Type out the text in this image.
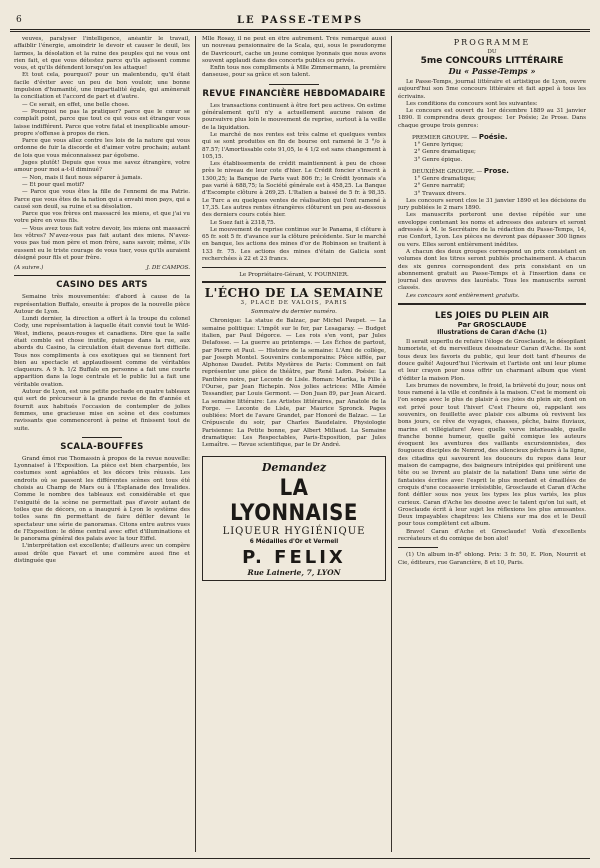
6	LE PASSE-TEMPS

veuves, paralyser l'intelligence, anéantir le travail, affaiblir l'énergie, amoindrir le devoir et causer le deuil, les larmes, la désolation et la ruine des peuples qui ne vous ont rien fait, et que vous détestez parce qu'ils agissent comme vous, et qu'ils défendent lorsqu'on les attaque!

Et tout cela, pourquoi? pour un malentendu, qu'il était facile d'éviter avec un peu de bon vouloir, une bonne impulsion d'humanité, une impartialité égale, qui amènerait la conciliation et l'accord de part et d'autre.

— Ce serait, en effet, une belle chose.

— Pourquoi ne pas la pratiquer? parce que le cœur se complaît point, parce que tout ce qui vous est étranger vous laisse indifférent. Parce que votre fatal et inexplicable amour-propre s'offense à propos de rien.

Parce que vous allez contre les lois de la nature qui vous ordonne de fuir la discorde et d'aimer votre prochain; autant de lois que vous méconnaissez par égoïsme.

Juges plutôt! Depuis que vous me savez étrangère, votre amour pour moi a-t-il diminué?

— Non, mais il faut nous séparer à jamais.

— Et pour quel motif?

— Parce que vous êtes la fille de l'ennemi de ma Patrie. Parce que vous êtes de la nation qui a envahi mon pays, qui a causé son deuil, sa ruine et sa désolation.

Parce que vos frères ont massacré les miens, et que j'ai vu votre père en vous fils.

— Vous avez tous fait votre devoir, les miens ont massacré les vôtres? N'avez-vous pas fait autant des miens. N'avez-vous pas tué mon père et mon frère, sans savoir, même, s'ils eussent eu le triste courage de vous tuer, vous qu'ils auraient désigné pour fils et pour frère.

(A suivre.)	J. DE CAMPOS.
CASINO DES ARTS

Semaine très mouvementée: d'abord à cause de la représentation Buffalo, ensuite à propos de la nouvelle pièce Autour de Lyon.

Lundi dernier, la direction a offert à la troupe du colonel Cody, une représentation à laquelle était convié tout le Wild-West, indiens, peaux-rouges et canadiens. Dire que la salle était comble est chose inutile, puisque dans la rue, aux abords du Casino, la circulation était devenue fort difficile. Tous nos compliments à ces exotiques qui se tiennent fort bien au spectacle et applaudissent comme de véritables claqueurs. A 9 h. 1/2 Buffalo en personne a fait une courte apparition dans la loge centrale et le public lui a fait une véritable ovation.

Autour de Lyon, est une petite pochade en quatre tableaux qui sert de précurseur à la grande revue de fin d'année et fournit aux habitués l'occasion de contempler de jolies femmes, une gracieuse mise en scène et des costumes ravissants que commenceront à peine et finissent tout de suite.

SCALA-BOUFFES

Grand émoi rue Thomassin à propos de la revue nouvelle: Lyonnaise! à l'Exposition. La pièce est bien charpentée, les costumes sont agréables et les décors très réussis. Les endroits où se passent les différentes scènes ont tous été choisis au Champ de Mars ou à l'Esplanade des Invalides. Comme le nombre des tableaux est considérable et que l'exiguité de la scène ne permettait pas d'avoir autant de toiles que de décors, on a inauguré à Lyon le système des toiles sans fin permettant de faire défiler devant le spectateur une série de panoramas. Citons entre autres vues de l'Exposition: le dôme central avec effet d'illuminations et le panorama général des palais avec la tour Eiffel.

L'interprétation est excellente; d'ailleurs avec un compère aussi drôle que Favart et une commère aussi fine et distinguée que

Mlle Rosay, il ne peut en être autrement. Très remarqué aussi un nouveau pensionnaire de la Scala, qui, sous le pseudonyme de Davricourt, cache un jeune comique lyonnais que nous avons souvent applaudi dans des concerts publics ou privés.

Enfin tous nos compliments à Mlle Zimmermann, la première danseuse, pour sa grâce et son talent.

REVUE FINANCIÈRE HEBDOMADAIRE

Les transactions continuent à être fort peu actives. On estime généralement qu'il n'y a actuellement aucune raison de poursuivre plus loin le mouvement de reprise, surtout à la veille de la liquidation.

Le marché de nos rentes est très calme et quelques ventes qui se sont produites en fin de bourse ont ramené le 3 °/o à 87.57; l'Amortissable cote 91,05, le 4 1/2 est sans changement à 105,15.

Les établissements de crédit maintiennent à peu de chose près le niveau de leur cote d'hier. Le Crédit foncier s'inscrit à 1300,25; la Banque de Paris vaut 806 fr.; le Crédit lyonnais s'a pas varié à 688,75; la Société générale est à 458,25. La Banque d'Escompte clôture à 269,25. L'Italien a baissé de 5 fr. à 98,35. Le Turc a eu quelques ventes de réalisation qui l'ont ramené à 17,35. Les autres rentes étrangères clôturent un peu au-dessous des derniers cours cotés hier.

Le Suez fait à 2318,75.

Le mouvement de reprise continue sur le Panama, il clôture à 65 fr. soit 5 fr. d'avance sur la clôture précédente. Sur le marché en banque, les actions des mines d'or de Robinson se traitent à 133 fr. 75. Les actions des mines d'étain de Galicia sont recherchées à 22 et 23 francs.

Le Propriétaire-Gérant, V. FOURNIER.
L'ÉCHO DE LA SEMAINE
3, PLACE DE VALOIS, PARIS
Sommaire du dernier numéro.

Chronique: La statue de Balzac, par Michel Paupet. — La semaine politique: L'impôt sur le fer, par Lesagaray. — Budget italien, par Paul Dégorce. — Les rois s'en vont, par Jules Delafosse. — La guerre au printemps. — Les Échos de partout, par Pierre et Paul. — Histoire de la semaine: L'Ami de collège, par Joseph Montel. Souvenirs contemporains: Pièce siffée, par Alphonse Daudet. Petits Mystères de Paris: Comment on fait représenter une pièce de théâtre, par René Lafon. Poésie: La Panthère noire, par Leconte de Lisle. Roman: Marika, la Fille à l'Ourse, par Jean Richepin. Nos jolies actrices: Mlle Aimée Tessandier, par Louis Germont. — Don Juan 89, par Jean Aicard. La semaine littéraire: Les Artistes littéraires, par Anatole de la Forge. — Leconte de Lisle, par Maurice Spronck. Pages oubliées: Mort de l'avare Grandet, par Honoré de Balzac. — Le Crépuscule du soir, par Charles Baudelaire. Physiologie Parisienne: La Petite bonne, par Albert Millaud. La Semaine dramatique: Les Respectables, Paris-Exposition, par Jules Lemaître. — Revue scientifique, par le Dr André.

Demandez
LA LYONNAISE
LIQUEUR HYGIÉNIQUE
6 Médailles d'Or et Vermeil
P. FELIX
Rue Lainerie, 7, LYON
PROGRAMME
DU
5me CONCOURS LITTÉRAIRE
Du « Passe-Temps »

Le Passe-Temps, journal littéraire et artistique de Lyon, ouvre aujourd'hui son 5me concours littéraire et fait appel à tous les écrivains.

Les conditions du concours sont les suivantes:

Le concours est ouvert du 1er décembre 1889 au 31 janvier 1890. Il comprendra deux groupes: 1er Poésie; 2e Prose. Dans chaque groupe trois genres:

PREMIER GROUPE. — Poésie.

1° Genre lyrique;

2° Genre dramatique;

3° Genre épique.

DEUXIÈME GROUPE. — Prose.

1° Genre dramatique;

2° Genre narratif;

3° Travaux divers.

Les concours seront clos le 31 janvier 1890 et les décisions du jury publiées le 2 mars 1890.

Les manuscrits porteront une devise répétée sur une enveloppe contenant les noms et adresses des auteurs et seront adressés à M. le Secrétaire de la rédaction du Passe-Temps, 14, rue Confort, Lyon. Les pièces ne devront pas dépasser 300 lignes ou vers. Elles seront entièrement inédites.

A chacun des deux groupes correspond un prix consistant en volumes dont les titres seront publiés prochainement. A chacun des six genres correspondent des prix consistant en un abonnement gratuit au Passe-Temps et à l'insertion dans ce journal des œuvres des lauréats. Tous les manuscrits seront classés.

Les concours sont entièrement gratuits.

LES JOIES DU PLEIN AIR
Par GROSCLAUDE
Illustrations de Caran d'Ache (1)

Il serait superflu de refaire l'éloge de Grosclaude, le désopilant humoriste, et du merveilleux dessinateur Caran d'Ache. Ils sont tous deux les favoris du public, qui leur doit tant d'heures de douce gaîté! Aujourd'hui l'écrivain et l'artiste ont uni leur plume et leur crayon pour nous offrir un charmant album que vient d'éditer la maison Plon.

Les brumes de novembre, le froid, la brièveté du jour, nous ont tous ramené à la ville et confinés à la maison. C'est le moment où l'on songe avec le plus de plaisir à ces joies du plein air, dont on est privé pour tout l'hiver! C'est l'heure où, rappelant ses souvenirs, on feuillette avec plaisir ces albums où revivent les bons jours, ce rêve de voyages, chasses, pêche, bains fluviaux, marins et villégiature! Avec quelle verve intarissable, quelle franche bonne humeur, quelle gaîté comique les auteurs évoquent les aventures des vaillants excursionnistes, des fougueux disciples de Nemrod, des silencieux pêcheurs à la ligne, des citadins qui savourent les douceurs du repos dans leur maison de campagne, des baigneurs intrépides qui préfèrent une tête ou se livrent au plaisir de la natation! Dans une série de fantaisies écrites avec l'esprit le plus mordant et émaillées de croquis d'une cocasserie irrésistible, Grosclaude et Caran d'Ache font défiler sous nos yeux les types les plus variés, les plus curieux. Caran d'Ache les dessine avec le talent qu'on lui sait, et Grosclaude écrit à leur sujet les réflexions les plus amusantes. Deux impayables chapitres: les Chiens sur ma dos et le Deuil pour tous complètent cet album.

Bravo! Caran d'Ache et Grosclaude! Voilà d'excellents recréateurs et du comique de bon aloi!

(1) Un album in-8° oblong. Prix: 3 fr. 50, E. Plon, Nourrit et Cie, éditeurs, rue Garancière, 8 et 10, Paris.
